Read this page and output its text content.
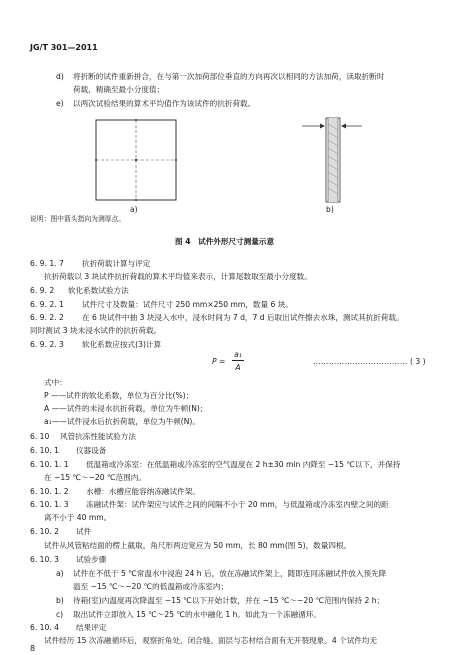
JG/T 301—2011
d) 将折断的试件重新拼合，在与第一次加荷部位垂直的方向再次以相同的方法加荷，读取折断时
荷载，精确至最小分度值；
e) 以两次试验结果的算术平均值作为该试件的抗折荷载。
a)	b)
说明：图中箭头指向为测厚点。
图 4　试件外形尺寸测量示意
6. 9. 1. 7 抗折荷载计算与评定
抗折荷载以 3 块试件抗折荷载的算术平均值来表示，计算尾数取至最小分度数。
6. 9. 2 软化系数试验方法
6. 9. 2. 1 试件尺寸及数量：试件尺寸 250 mm×250 mm，数量 6 块。
6. 9. 2. 2 在 6 块试件中抽 3 块浸入水中，浸水时间为 7 d，7 d 后取出试件擦去水珠，测试其抗折荷载。
同时测试 3 块未浸水试件的抗折荷载。
6. 9. 2. 3 软化系数应按式(3)计算
P =
a₁
A
……………………………… ( 3 )
式中：
P ——试件的软化系数，单位为百分比(%)；
A ——试件的未浸水抗折荷载，单位为牛顿(N)；
a₁——试件浸水后抗折荷载，单位为牛顿(N)。
6. 10 风管抗冻性能试验方法
6. 10. 1 仪器设备
6. 10. 1. 1 低温箱或冷冻室：在低温箱或冷冻室的空气温度在 2 h±30 min 内降至 −15 ℃以下，并保持
在 −15 ℃～−20 ℃范围内。
6. 10. 1. 2 水槽：水槽应能容纳冻融试件架。
6. 10. 1. 3 冻融试件架：试件架应与试件之间的间隔不小于 20 mm，与低温箱或冷冻室内壁之间的距
离不小于 40 mm。
6. 10. 2 试件
试件从风管粘结面的楞上截取，角尺形两边宽应为 50 mm，长 80 mm(图 5)，数量四根。
6. 10. 3 试验步骤
a) 试件在不低于 5 ℃常温水中浸泡 24 h 后，放在冻融试件架上，随即连同冻融试件放入预先降
温至 −15 ℃～−20 ℃的低温箱或冷冻室内；
b) 待箱(室)内温度再次降温至 −15 ℃以下开始计数，并在 −15 ℃～−20 ℃范围内保持 2 h；
c) 取出试件立即放入 15 ℃～25 ℃的水中融化 1 h。如此为一个冻融循环。
6. 10. 4 结果评定
试件经历 15 次冻融循环后，观察折角处、闭合缝、面层与芯材结合面有无开裂现象。4 个试件均无
8
